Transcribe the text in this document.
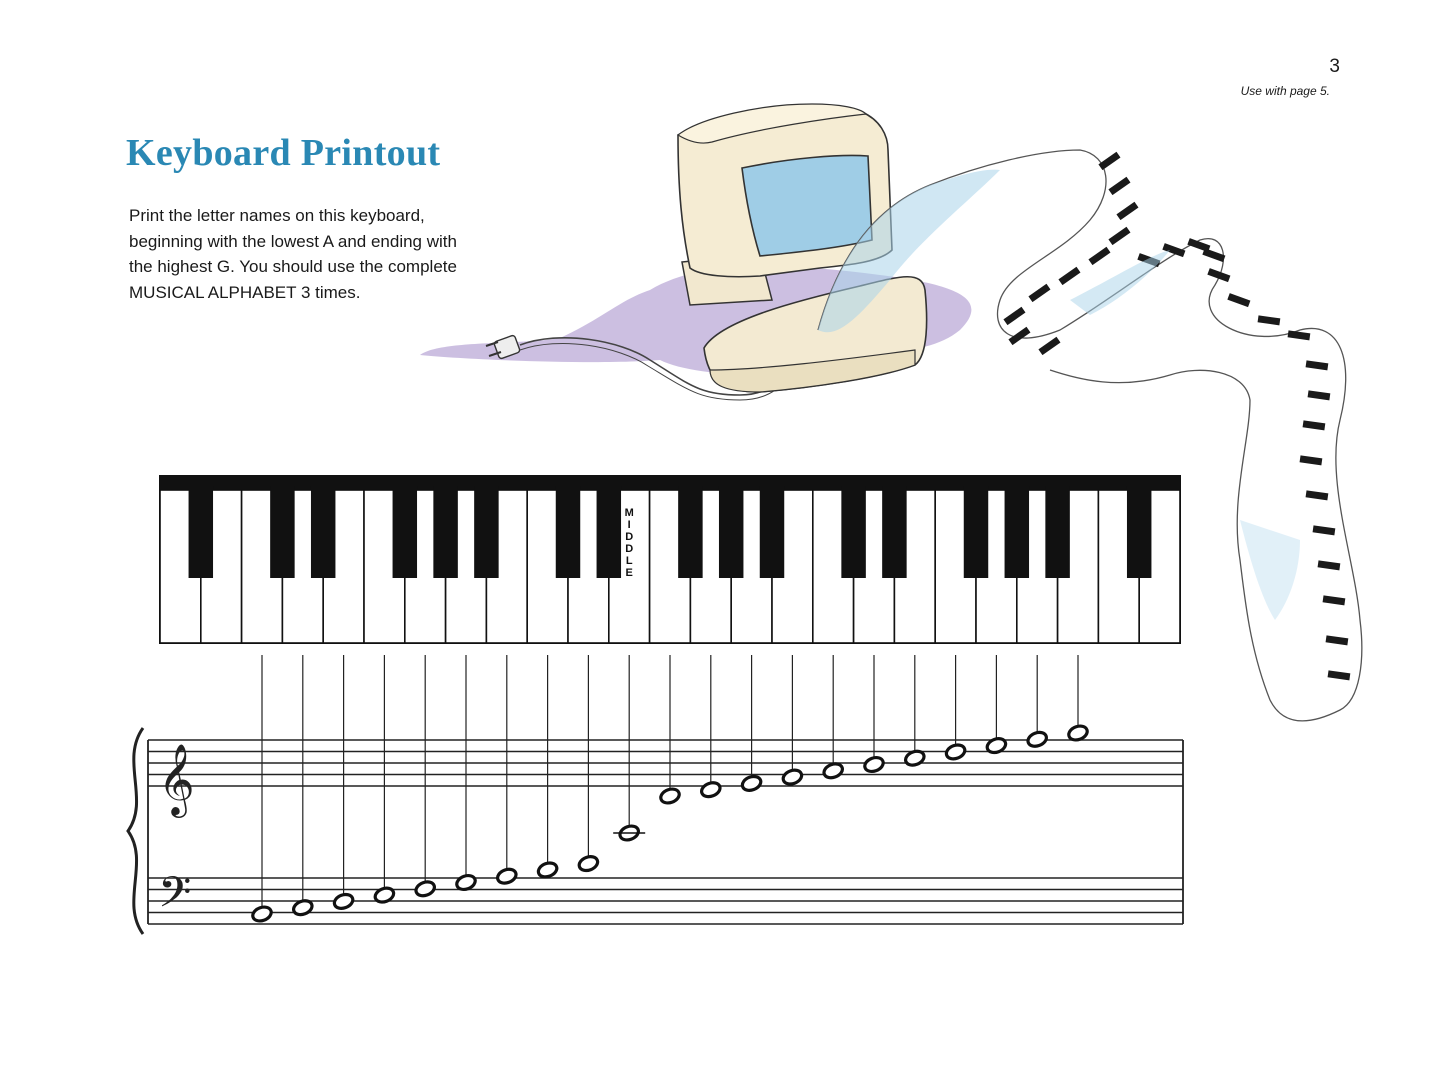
3
Use with page 5.
Keyboard Printout
Print the letter names on this keyboard,
beginning with the lowest A and ending with
the highest G. You should use the complete
MUSICAL ALPHABET 3 times.
M
I
D
D
L
E
𝄞
𝄢
